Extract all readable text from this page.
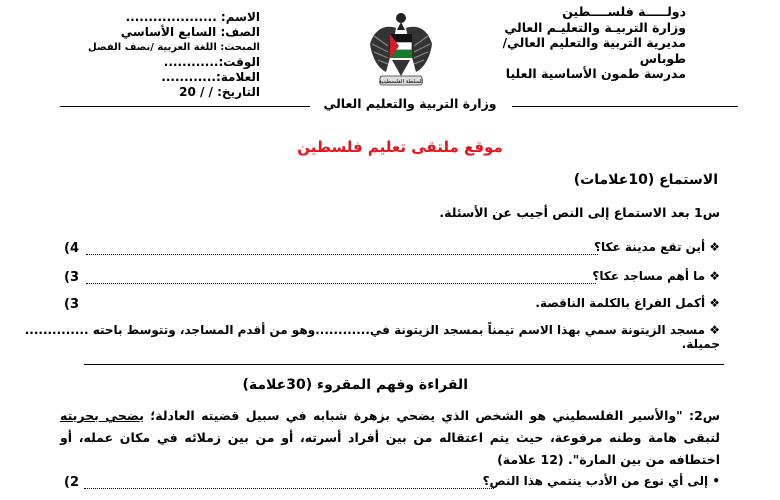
دولـــــة فلســــطين
وزارة التربيـة والتعليـم العالي
مديرية التربية والتعليم العالي/ طوباس
مدرسة طمون الأساسية العليا
السلطة الفلسطينية
الاسم: ....................
الصف: السابع الأساسي
المبحث: اللغة العربية /نصف الفصل
الوقت:............
العلامة:............
التاريخ: / / 20
وزارة التربية والتعليم العالي
موقع ملتقى تعليم فلسطين
الاستماع (10علامات)
س1 بعد الاستماع إلى النص أجيب عن الأسئلة.
❖ أين تقع مدينة عكا؟
(4
❖ ما أهم مساجد عكا؟
(3
❖ أكمل الفراغ بالكلمة الناقصة.
(3
❖ مسجد الزيتونة سمي بهذا الاسم تيمناً بمسجد الزيتونة في............وهو من أقدم المساجد، وتتوسط باحته .............. جميلة.
القراءة وفهم المقروء (30علامة)
س2: "والأسير الفلسطيني هو الشخص الذي يضحي بزهرة شبابه في سبيل قضيته العادلة؛ يضحي بحريته لتبقى هامة وطنه مرفوعة، حيث يتم اعتقاله من بين أفراد أسرته، أو من بين زملائه في مكان عمله، أو اختطافه من بين المارة". (12 علامة)
• إلى أي نوع من الأدب ينتمي هذا النص؟
(2
